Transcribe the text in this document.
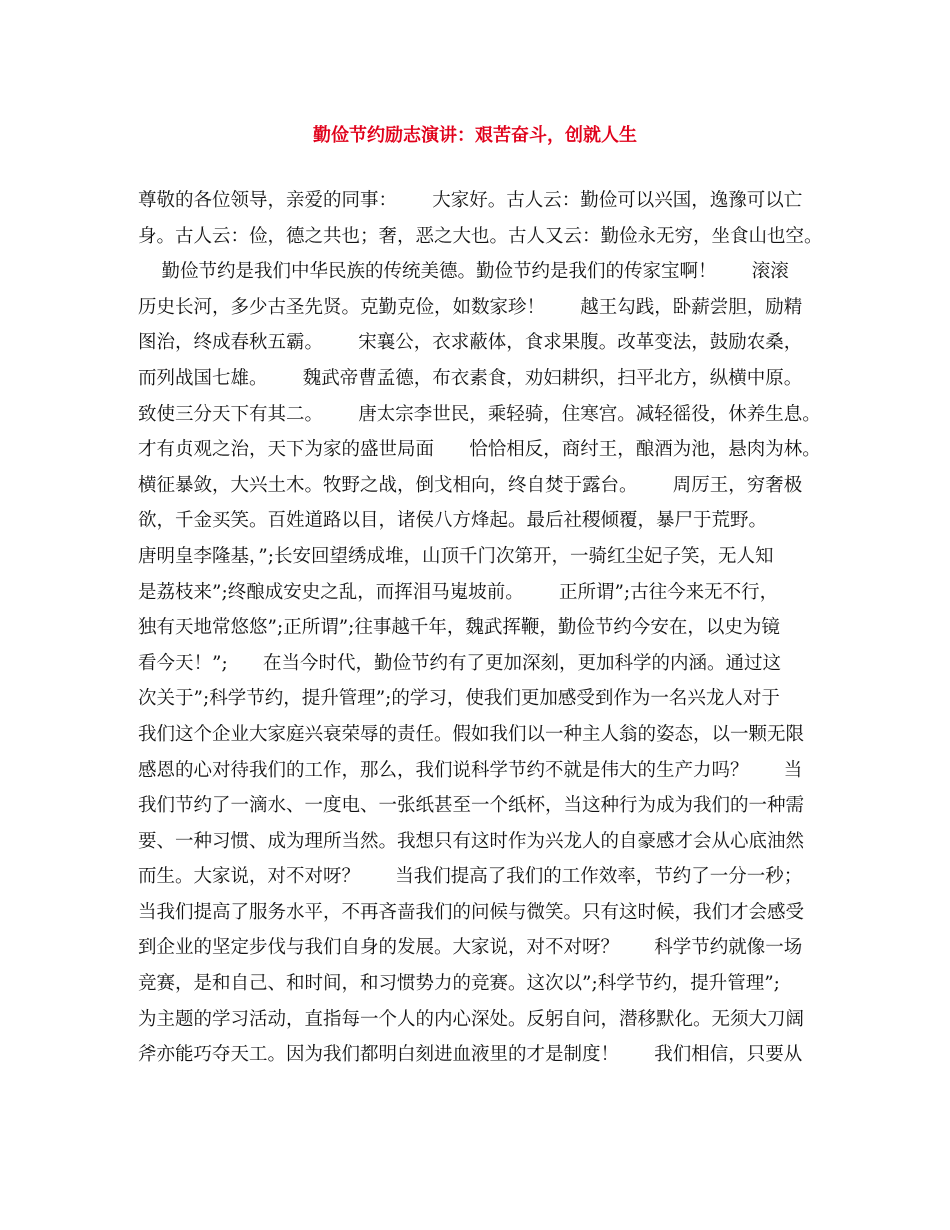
勤俭节约励志演讲：艰苦奋斗，创就人生
尊敬的各位领导，亲爱的同事：      大家好。古人云：勤俭可以兴国，逸豫可以亡
身。古人云：俭，德之共也；奢，恶之大也。古人又云：勤俭永无穷，坐食山也空。
勤俭节约是我们中华民族的传统美德。勤俭节约是我们的传家宝啊！      滚滚
历史长河，多少古圣先贤。克勤克俭，如数家珍！      越王勾践，卧薪尝胆，励精
图治，终成春秋五霸。      宋襄公，衣求蔽体，食求果腹。改革变法，鼓励农桑，
而列战国七雄。      魏武帝曹孟德，布衣素食，劝妇耕织，扫平北方，纵横中原。
致使三分天下有其二。      唐太宗李世民，乘轻骑，住寒宫。减轻徭役，休养生息。
才有贞观之治，天下为家的盛世局面      恰恰相反，商纣王，酿酒为池，悬肉为林。
横征暴敛，大兴土木。牧野之战，倒戈相向，终自焚于露台。      周厉王，穷奢极
欲，千金买笑。百姓道路以目，诸侯八方烽起。最后社稷倾覆，暴尸于荒野。
唐明皇李隆基，”;长安回望绣成堆，山顶千门次第开，一骑红尘妃子笑，无人知
是荔枝来”;终酿成安史之乱，而挥泪马嵬坡前。      正所谓”;古往今来无不行，
独有天地常悠悠”;正所谓”;往事越千年，魏武挥鞭，勤俭节约今安在，以史为镜
看今天！”;      在当今时代，勤俭节约有了更加深刻，更加科学的内涵。通过这
次关于”;科学节约，提升管理”;的学习，使我们更加感受到作为一名兴龙人对于
我们这个企业大家庭兴衰荣辱的责任。假如我们以一种主人翁的姿态，以一颗无限
感恩的心对待我们的工作，那么，我们说科学节约不就是伟大的生产力吗？      当
我们节约了一滴水、一度电、一张纸甚至一个纸杯，当这种行为成为我们的一种需
要、一种习惯、成为理所当然。我想只有这时作为兴龙人的自豪感才会从心底油然
而生。大家说，对不对呀？      当我们提高了我们的工作效率，节约了一分一秒；
当我们提高了服务水平，不再吝啬我们的问候与微笑。只有这时候，我们才会感受
到企业的坚定步伐与我们自身的发展。大家说，对不对呀？      科学节约就像一场
竞赛，是和自己、和时间，和习惯势力的竞赛。这次以”;科学节约，提升管理”;
为主题的学习活动，直指每一个人的内心深处。反躬自问，潜移默化。无须大刀阔
斧亦能巧夺天工。因为我们都明白刻进血液里的才是制度！      我们相信，只要从
